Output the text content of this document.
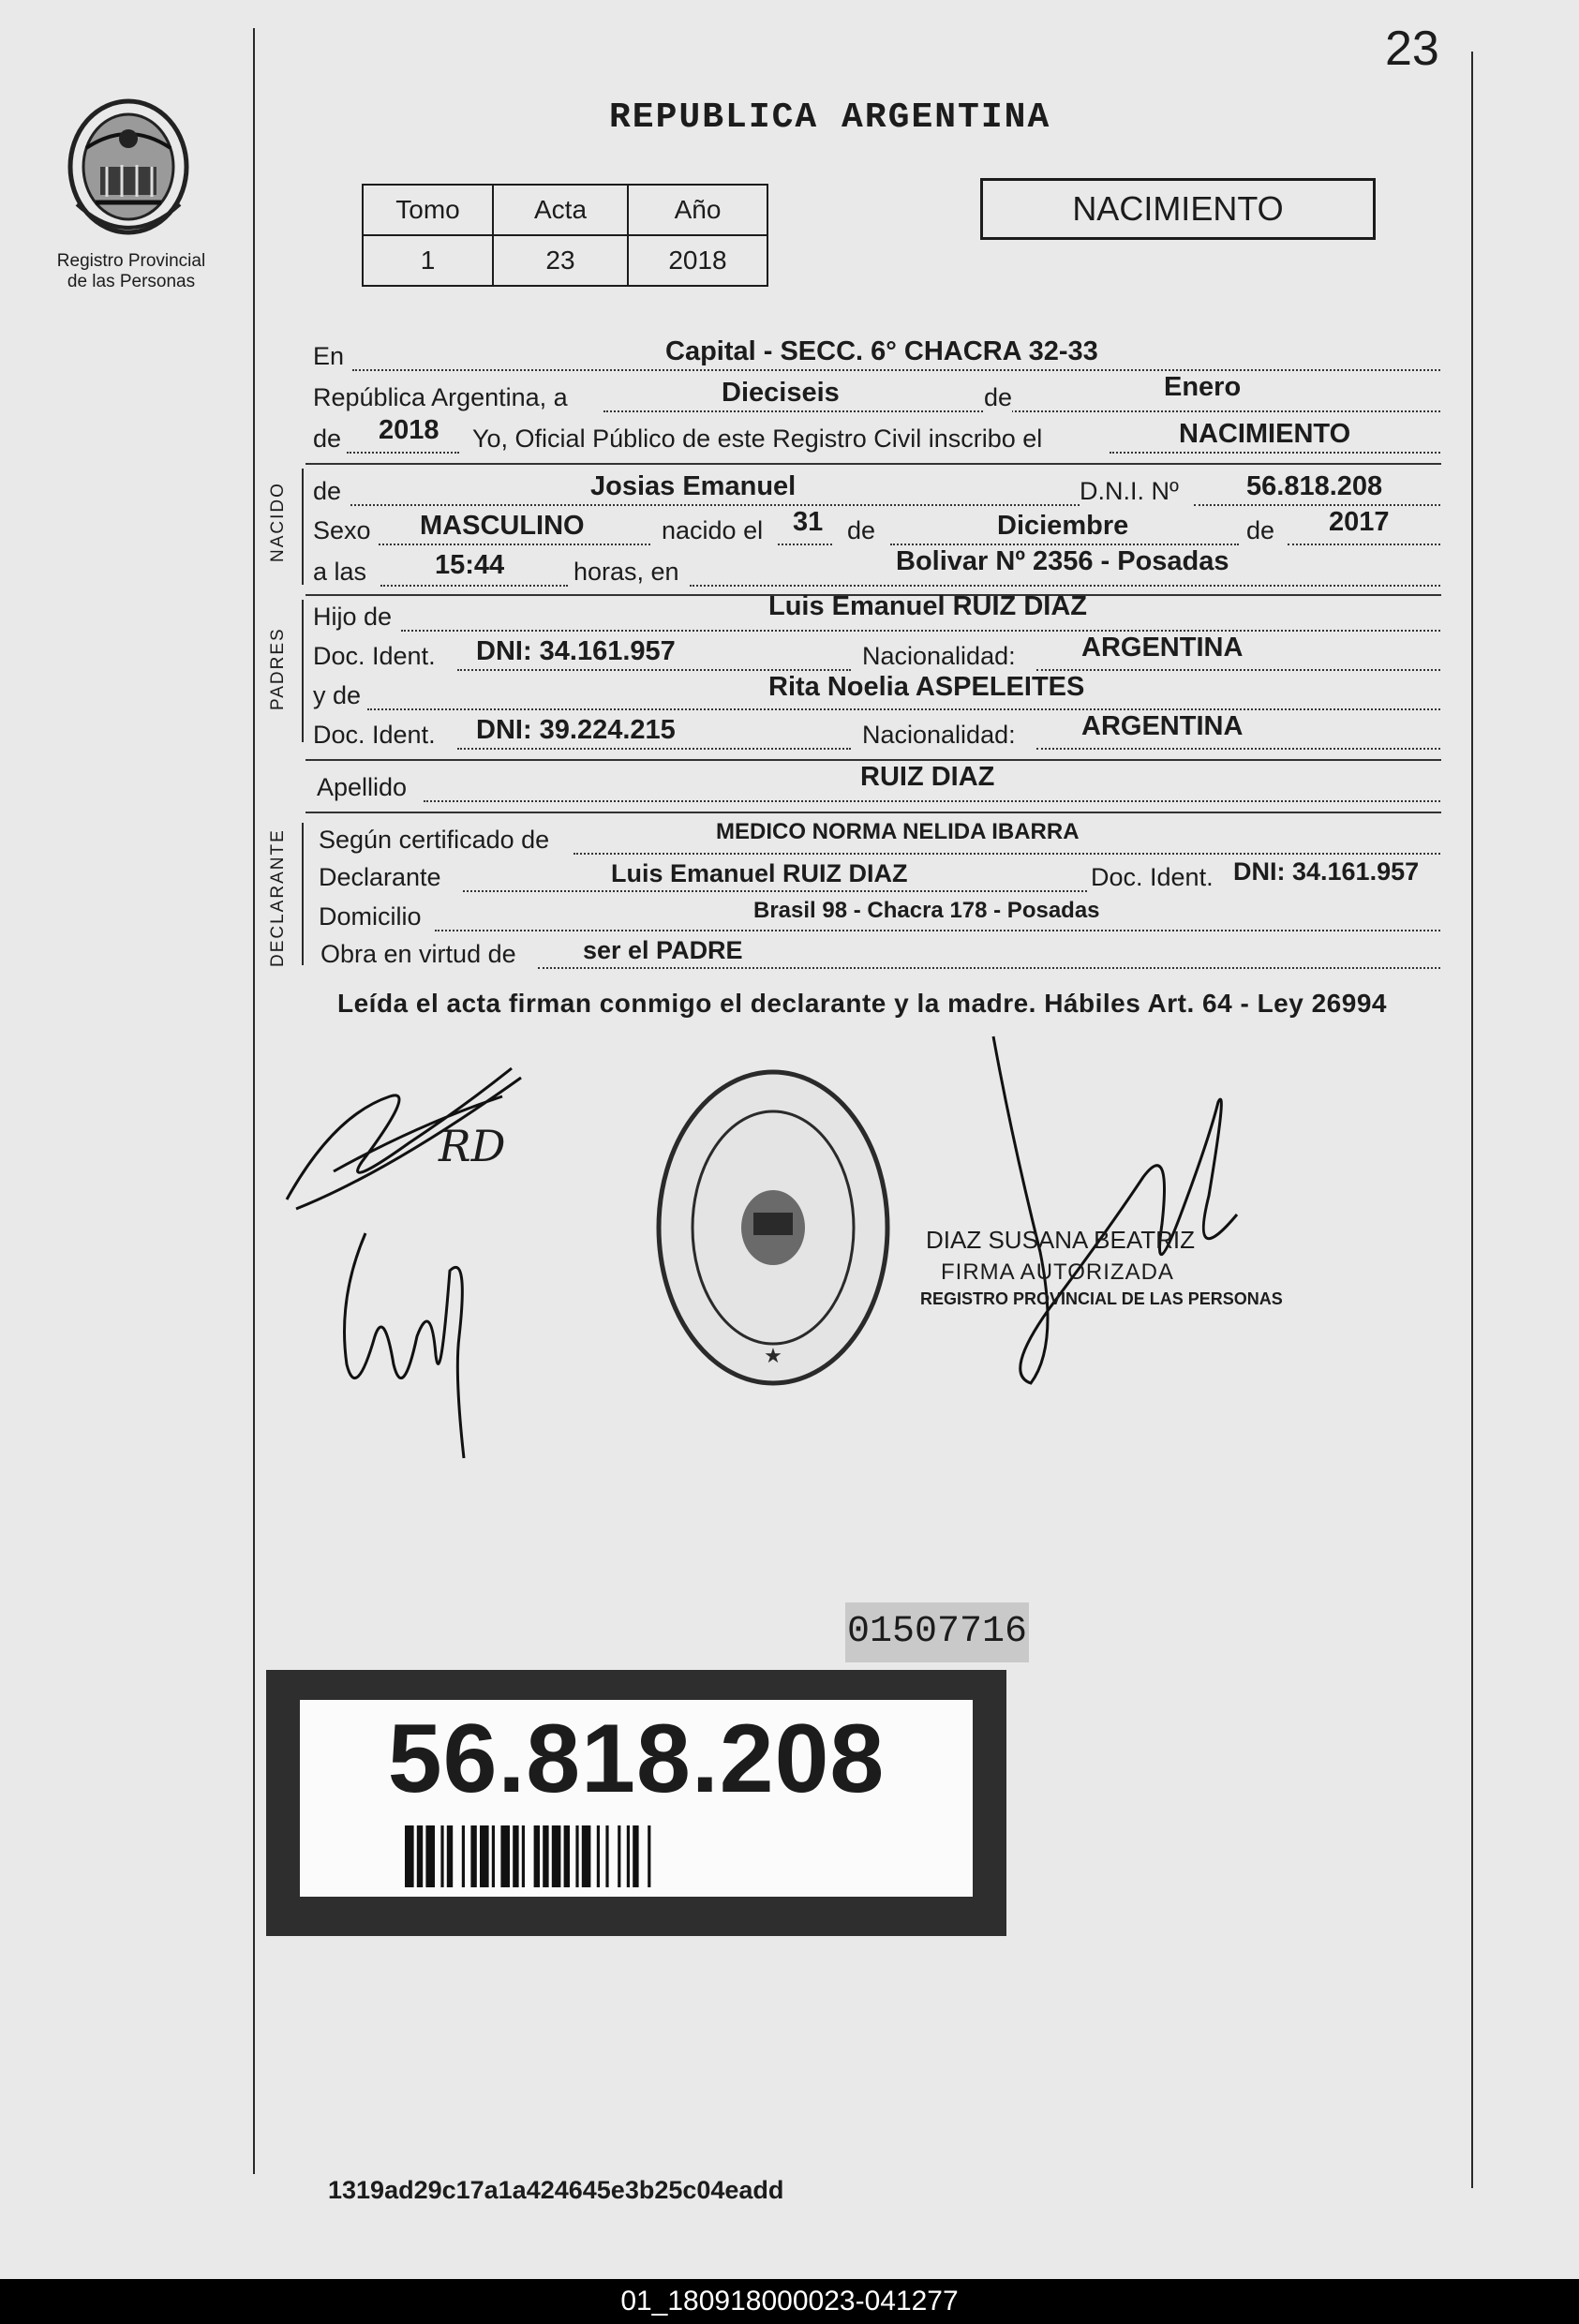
23
Registro Provincial
de las Personas
REPUBLICA ARGENTINA
Tomo	Acta	Año
1	23	2018
NACIMIENTO
En	Capital - SECC. 6° CHACRA 32-33
República Argentina, a	Dieciseis	de	Enero
de 2018 Yo, Oficial Público de este Registro Civil inscribo el	NACIMIENTO
NACIDO de	Josias Emanuel	D.N.I. Nº 56.818.208
Sexo MASCULINO	nacido el 31 de	Diciembre	de 2017
a las	15:44	horas, en	Bolivar Nº 2356 - Posadas
PADRES
Hijo de	Luis Emanuel RUIZ DIAZ
Doc. Ident. DNI: 34.161.957	Nacionalidad: ARGENTINA
y de	Rita Noelia ASPELEITES
Doc. Ident. DNI: 39.224.215	Nacionalidad: ARGENTINA
Apellido	RUIZ DIAZ
DECLARANTE Según certificado de	MEDICO NORMA NELIDA IBARRA
Declarante	Luis Emanuel RUIZ DIAZ	Doc. Ident. DNI: 34.161.957
Domicilio	Brasil 98 - Chacra 178 - Posadas
Obra en virtud de	ser el PADRE
Leída el acta firman conmigo el declarante y la madre. Hábiles Art. 64 - Ley 26994
RD
★
DIAZ SUSANA BEATRIZ
FIRMA AUTORIZADA
REGISTRO PROVINCIAL DE LAS PERSONAS
01507716
56.818.208
1319ad29c17a1a424645e3b25c04eadd
01_180918000023-041277
